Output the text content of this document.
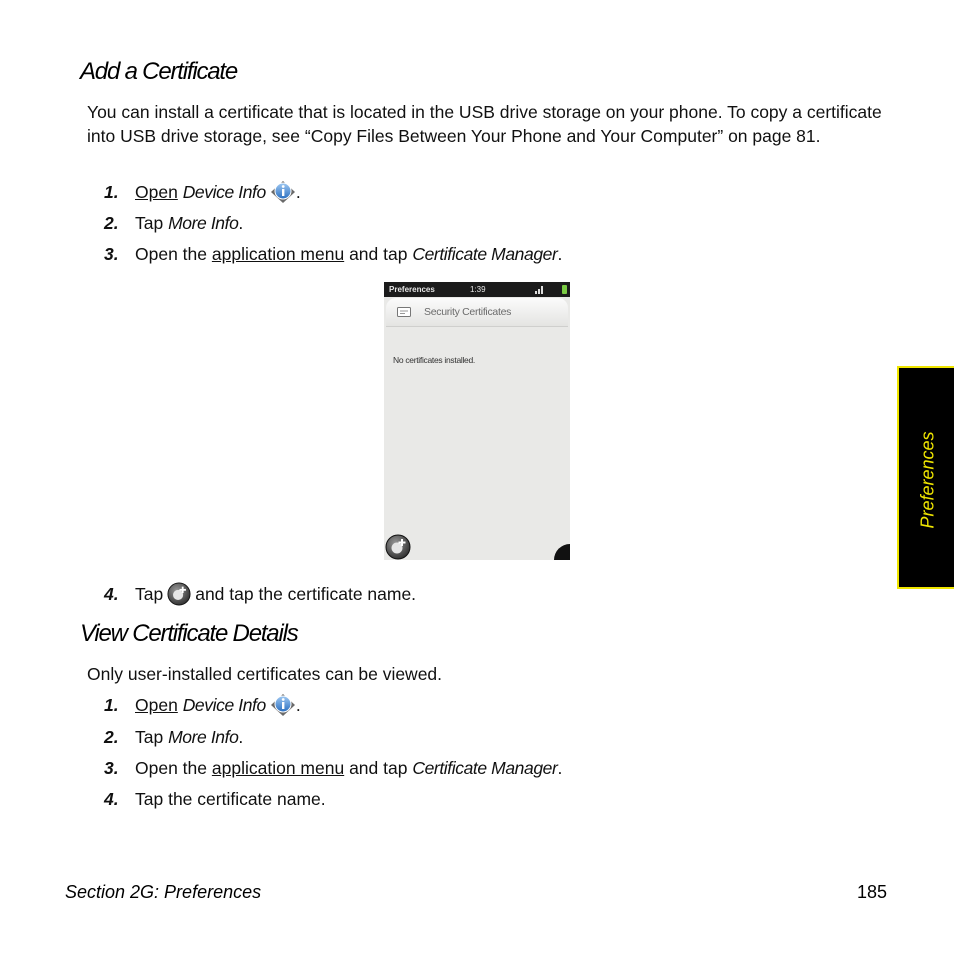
Add a Certificate

You can install a certificate that is located in the USB drive storage on your phone. To copy a certificate into USB drive storage, see “Copy Files Between Your Phone and Your Computer” on page 81.

1. Open Device Info .
2. Tap More Info.
3. Open the application menu and tap Certificate Manager.
Preferences	1:39
Security Certificates
No certificates installed.
4. Tap and tap the certificate name.
View Certificate Details

Only user-installed certificates can be viewed.

1. Open Device Info .
2. Tap More Info.
3. Open the application menu and tap Certificate Manager.
4. Tap the certificate name.
Preferences
Section 2G: Preferences	185
